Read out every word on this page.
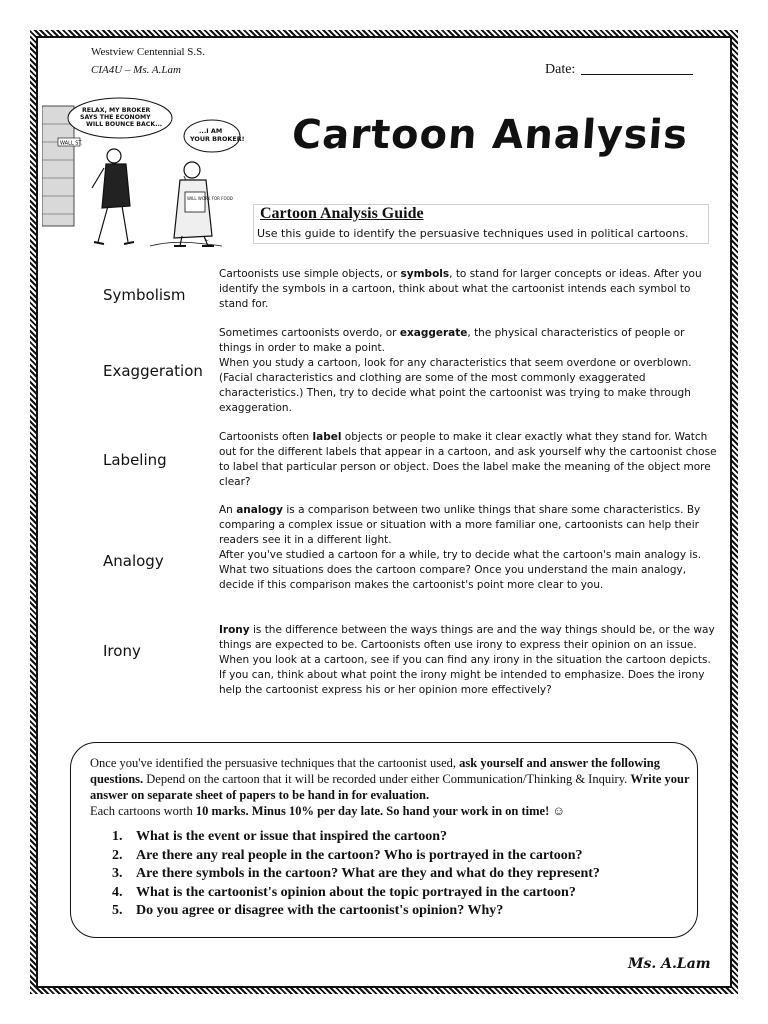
Westview Centennial S.S.
CIA4U – Ms. A.Lam	Date:
WALL ST.
RELAX, MY BROKER SAYS THE ECONOMY WILL BOUNCE BACK...
...I AM YOUR BROKER!
WILL WORK FOR FOOD
~
Cartoon Analysis
Cartoon Analysis Guide
Use this guide to identify the persuasive techniques used in political cartoons.
Symbolism

Cartoonists use simple objects, or symbols, to stand for larger concepts or ideas. After you identify the symbols in a cartoon, think about what the cartoonist intends each symbol to stand for.

Exaggeration

Sometimes cartoonists overdo, or exaggerate, the physical characteristics of people or things in order to make a point.

When you study a cartoon, look for any characteristics that seem overdone or overblown. (Facial characteristics and clothing are some of the most commonly exaggerated characteristics.) Then, try to decide what point the cartoonist was trying to make through exaggeration.

Labeling

Cartoonists often label objects or people to make it clear exactly what they stand for. Watch out for the different labels that appear in a cartoon, and ask yourself why the cartoonist chose to label that particular person or object. Does the label make the meaning of the object more clear?

Analogy

An analogy is a comparison between two unlike things that share some characteristics. By comparing a complex issue or situation with a more familiar one, cartoonists can help their readers see it in a different light.

After you've studied a cartoon for a while, try to decide what the cartoon's main analogy is. What two situations does the cartoon compare? Once you understand the main analogy, decide if this comparison makes the cartoonist's point more clear to you.

Irony

Irony is the difference between the ways things are and the way things should be, or the way things are expected to be. Cartoonists often use irony to express their opinion on an issue.

When you look at a cartoon, see if you can find any irony in the situation the cartoon depicts. If you can, think about what point the irony might be intended to emphasize. Does the irony help the cartoonist express his or her opinion more effectively?

Once you've identified the persuasive techniques that the cartoonist used, ask yourself and answer the following questions. Depend on the cartoon that it will be recorded under either Communication/Thinking & Inquiry. Write your answer on separate sheet of papers to be hand in for evaluation.
Each cartoons worth 10 marks. Minus 10% per day late. So hand your work in on time! ☺
1. What is the event or issue that inspired the cartoon?
2. Are there any real people in the cartoon? Who is portrayed in the cartoon?
3. Are there symbols in the cartoon? What are they and what do they represent?
4. What is the cartoonist's opinion about the topic portrayed in the cartoon?
5. Do you agree or disagree with the cartoonist's opinion? Why?
Ms. A.Lam
